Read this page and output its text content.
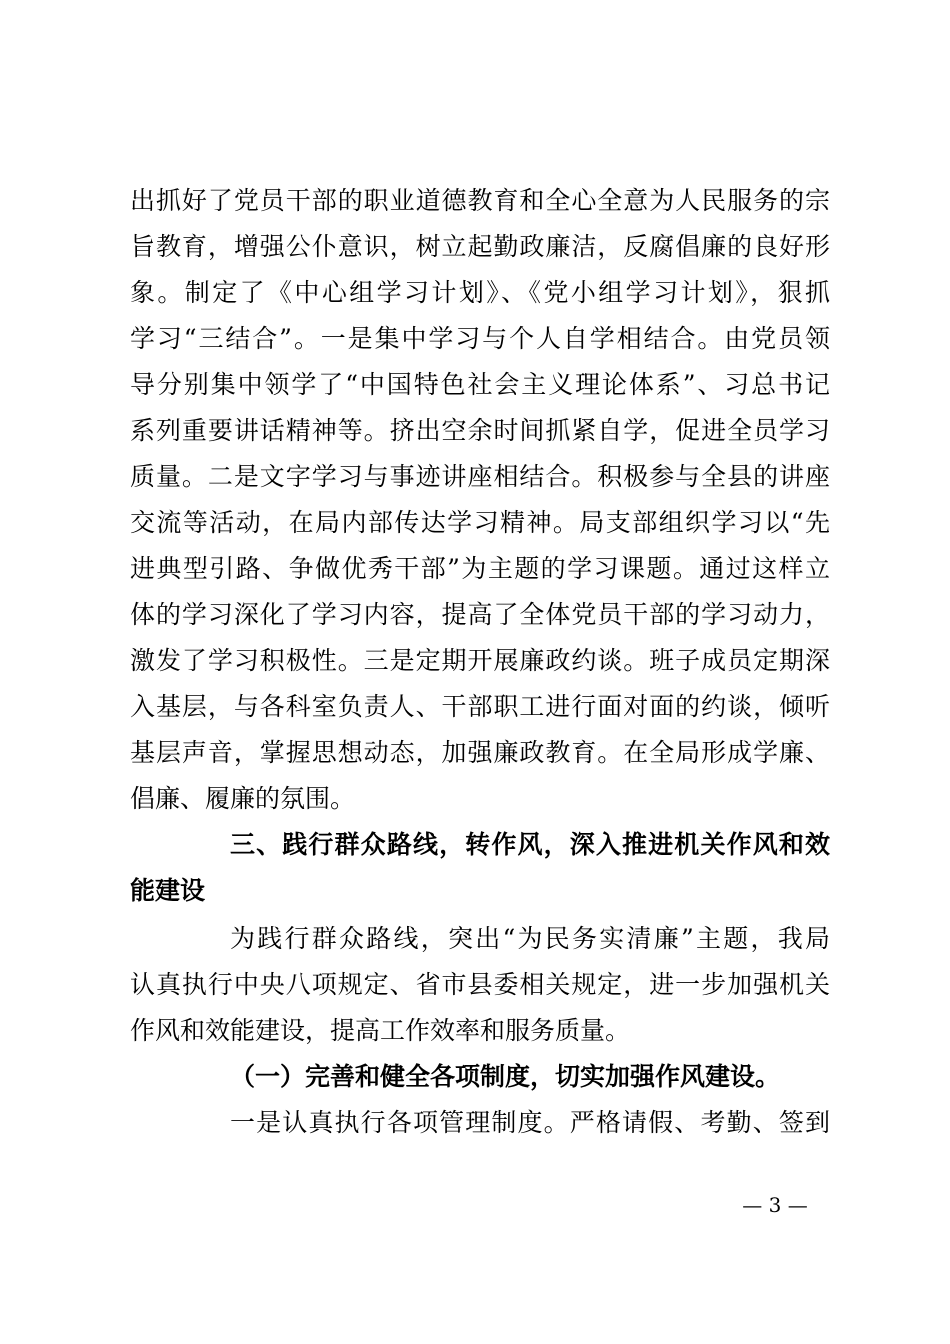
出抓好了党员干部的职业道德教育和全心全意为人民服务的宗
旨教育，增强公仆意识，树立起勤政廉洁，反腐倡廉的良好形
象。制定了《中心组学习计划》、《党小组学习计划》，狠抓
学习“三结合”。一是集中学习与个人自学相结合。由党员领
导分别集中领学了“中国特色社会主义理论体系”、习总书记
系列重要讲话精神等。挤出空余时间抓紧自学，促进全员学习
质量。二是文字学习与事迹讲座相结合。积极参与全县的讲座
交流等活动，在局内部传达学习精神。局支部组织学习以“先
进典型引路、争做优秀干部”为主题的学习课题。通过这样立
体的学习深化了学习内容，提高了全体党员干部的学习动力，
激发了学习积极性。三是定期开展廉政约谈。班子成员定期深
入基层，与各科室负责人、干部职工进行面对面的约谈，倾听
基层声音，掌握思想动态，加强廉政教育。在全局形成学廉、
倡廉、履廉的氛围。
三、践行群众路线，转作风，深入推进机关作风和效
能建设
为践行群众路线，突出“为民务实清廉”主题，我局
认真执行中央八项规定、省市县委相关规定，进一步加强机关
作风和效能建设，提高工作效率和服务质量。
（一）完善和健全各项制度，切实加强作风建设。
一是认真执行各项管理制度。严格请假、考勤、签到
— 3 —
